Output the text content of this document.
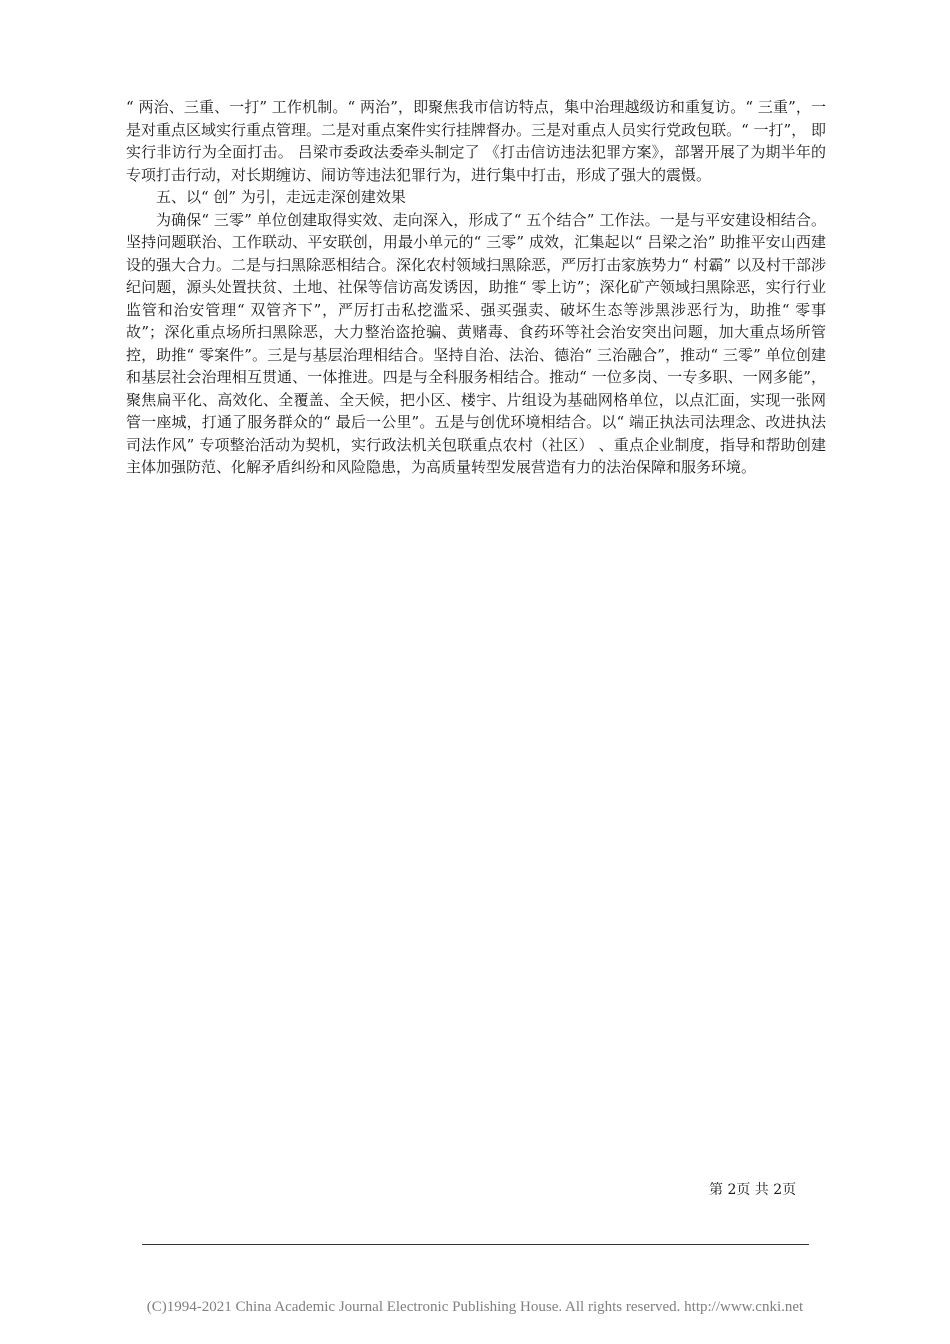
“ 两治、三重、一打” 工作机制。“ 两治”，即聚焦我市信访特点，集中治理越级访和重复访。“ 三重”，一是对重点区域实行重点管理。二是对重点案件实行挂牌督办。三是对重点人员实行党政包联。“ 一打”， 即实行非访行为全面打击。 吕梁市委政法委牵头制定了 《打击信访违法犯罪方案》，部署开展了为期半年的专项打击行动，对长期缠访、闹访等违法犯罪行为，进行集中打击，形成了强大的震慑。

五、以“ 创” 为引，走远走深创建效果

为确保“ 三零” 单位创建取得实效、走向深入，形成了“ 五个结合” 工作法。一是与平安建设相结合。坚持问题联治、工作联动、平安联创，用最小单元的“ 三零” 成效，汇集起以“ 吕梁之治” 助推平安山西建设的强大合力。二是与扫黑除恶相结合。深化农村领域扫黑除恶，严厉打击家族势力“ 村霸” 以及村干部涉纪问题，源头处置扶贫、土地、社保等信访高发诱因，助推“ 零上访”；深化矿产领域扫黑除恶，实行行业监管和治安管理“ 双管齐下”，严厉打击私挖滥采、强买强卖、破坏生态等涉黑涉恶行为，助推“ 零事故”；深化重点场所扫黑除恶，大力整治盗抢骗、黄赌毒、食药环等社会治安突出问题，加大重点场所管控，助推“ 零案件”。三是与基层治理相结合。坚持自治、法治、德治“ 三治融合”，推动“ 三零” 单位创建和基层社会治理相互贯通、一体推进。四是与全科服务相结合。推动“ 一位多岗、一专多职、一网多能”，聚焦扁平化、高效化、全覆盖、全天候，把小区、楼宇、片组设为基础网格单位，以点汇面，实现一张网管一座城，打通了服务群众的“ 最后一公里”。五是与创优环境相结合。以“ 端正执法司法理念、改进执法司法作风” 专项整治活动为契机，实行政法机关包联重点农村（社区） 、重点企业制度，指导和帮助创建主体加强防范、化解矛盾纠纷和风险隐患，为高质量转型发展营造有力的法治保障和服务环境。

第 2页 共 2页
(C)1994-2021 China Academic Journal Electronic Publishing House. All rights reserved. http://www.cnki.net
